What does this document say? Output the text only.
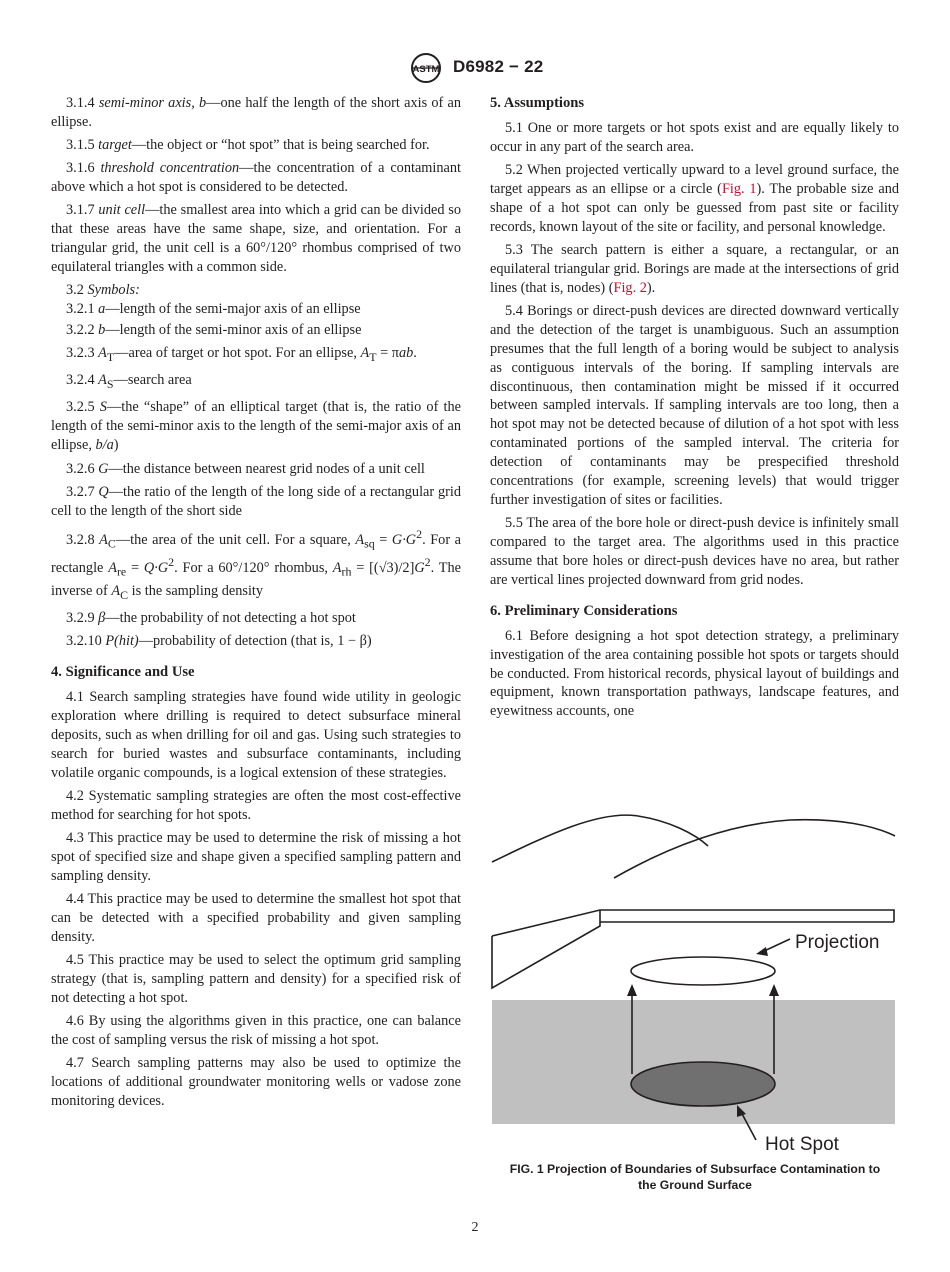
ASTM D6982 − 22

3.1.4 semi-minor axis, b—one half the length of the short axis of an ellipse.

3.1.5 target—the object or “hot spot” that is being searched for.

3.1.6 threshold concentration—the concentration of a contaminant above which a hot spot is considered to be detected.

3.1.7 unit cell—the smallest area into which a grid can be divided so that these areas have the same shape, size, and orientation. For a triangular grid, the unit cell is a 60°/120° rhombus comprised of two equilateral triangles with a common side.

3.2 Symbols:

3.2.1 a—length of the semi-major axis of an ellipse

3.2.2 b—length of the semi-minor axis of an ellipse

3.2.3 $A_T—area$ of target or hot spot. For an ellipse, $A_T = \pi ab$.

3.2.4 $A_S—search$ area

3.2.5 S—the “shape” of an elliptical target (that is, the ratio of the length of the semi-minor axis to the length of the semi-major axis of an ellipse, b/a)

3.2.6 G—the distance between nearest grid nodes of a unit cell

3.2.7 Q—the ratio of the length of the long side of a rectangular grid cell to the length of the short side

3.2.8 $A_C—the$ area of the unit cell. For a square, $A_{sq} = G\cdot G^2$. For a rectangle $A_{re} = Q\cdot G^2$. For a 60°/120° rhombus, $A_{rh} = [(√3)/2]G^2$. The inverse of $A_C$ is the sampling density

3.2.9 β—the probability of not detecting a hot spot

3.2.10 P(hit)—probability of detection (that is, 1 − β)

4. Significance and Use

4.1 Search sampling strategies have found wide utility in geologic exploration where drilling is required to detect subsurface mineral deposits, such as when drilling for oil and gas. Using such strategies to search for buried wastes and subsurface contaminants, including volatile organic compounds, is a logical extension of these strategies.

4.2 Systematic sampling strategies are often the most cost-effective method for searching for hot spots.

4.3 This practice may be used to determine the risk of missing a hot spot of specified size and shape given a specified sampling pattern and sampling density.

4.4 This practice may be used to determine the smallest hot spot that can be detected with a specified probability and given sampling density.

4.5 This practice may be used to select the optimum grid sampling strategy (that is, sampling pattern and density) for a specified risk of not detecting a hot spot.

4.6 By using the algorithms given in this practice, one can balance the cost of sampling versus the risk of missing a hot spot.

4.7 Search sampling patterns may also be used to optimize the locations of additional groundwater monitoring wells or vadose zone monitoring devices.

5. Assumptions

5.1 One or more targets or hot spots exist and are equally likely to occur in any part of the search area.

5.2 When projected vertically upward to a level ground surface, the target appears as an ellipse or a circle (Fig. 1). The probable size and shape of a hot spot can only be guessed from past site or facility records, known layout of the site or facility, and personal knowledge.

5.3 The search pattern is either a square, a rectangular, or an equilateral triangular grid. Borings are made at the intersections of grid lines (that is, nodes) (Fig. 2).

5.4 Borings or direct-push devices are directed downward vertically and the detection of the target is unambiguous. Such an assumption presumes that the full length of a boring would be subject to analysis as contiguous intervals of the boring. If sampling intervals are discontinuous, then contamination might be missed if it occurred between sampled intervals. If sampling intervals are too long, then a hot spot may not be detected because of dilution of a hot spot with less contaminated portions of the sampled interval. The criteria for detection of contaminants may be prespecified threshold concentrations (for example, screening levels) that would trigger further investigation of sites or facilities.

5.5 The area of the bore hole or direct-push device is infinitely small compared to the target area. The algorithms used in this practice assume that bore holes or direct-push devices have no area, but rather are vertical lines projected downward from grid nodes.

6. Preliminary Considerations

6.1 Before designing a hot spot detection strategy, a preliminary investigation of the area containing possible hot spots or targets should be conducted. From historical records, physical layout of buildings and equipment, known transportation pathways, landscape features, and eyewitness accounts, one

Projection
Hot Spot
FIG. 1 Projection of Boundaries of Subsurface Contamination to
the Ground Surface
2
